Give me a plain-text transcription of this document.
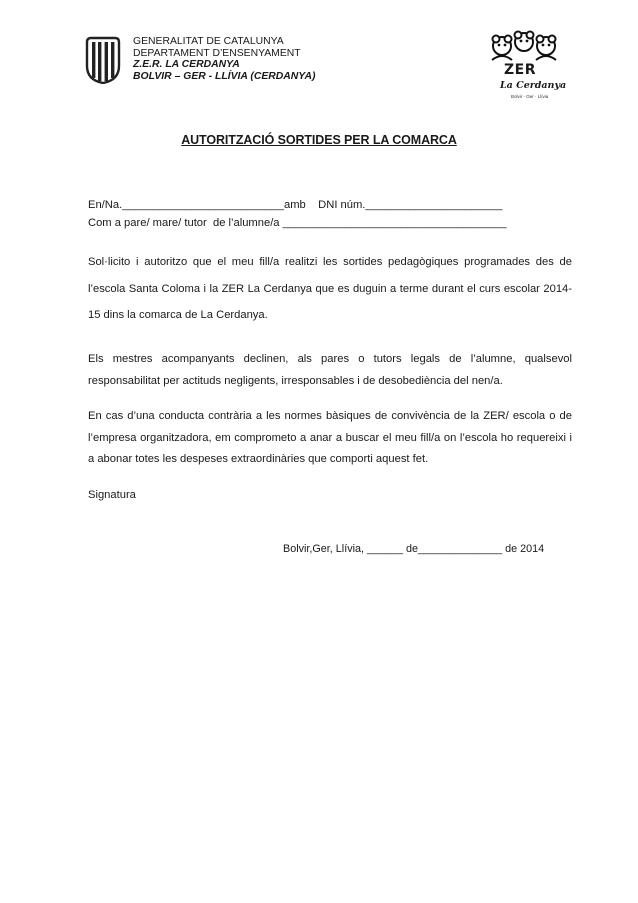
GENERALITAT DE CATALUNYA
DEPARTAMENT D’ENSENYAMENT
Z.E.R. LA CERDANYA
BOLVIR – GER - LLÍVIA (CERDANYA)	ZER
La Cerdanya
Bolvir · Ger · Llívia
AUTORITZACIÓ SORTIDES PER LA COMARCA
En/Na.__________________________amb    DNI núm.______________________
Com a pare/ mare/ tutor  de l’alumne/a ____________________________________
Sol·licito i autoritzo que el meu fill/a realitzi les sortides pedagògiques programades des de l’escola Santa Coloma i la ZER La Cerdanya que es duguin a terme durant el curs escolar 2014-15 dins la comarca de La Cerdanya.
Els mestres acompanyants declinen, als pares o tutors legals de l’alumne, qualsevol responsabilitat per actituds negligents, irresponsables i de desobediència del nen/a.
En cas d’una conducta contrària a les normes bàsiques de convivència de la ZER/ escola o de l’empresa organitzadora, em comprometo a anar a buscar el meu fill/a on l’escola ho requereixi i a abonar totes les despeses extraordinàries que comporti aquest fet.
Signatura
Bolvir,Ger, Llívia, ______ de______________ de 2014
